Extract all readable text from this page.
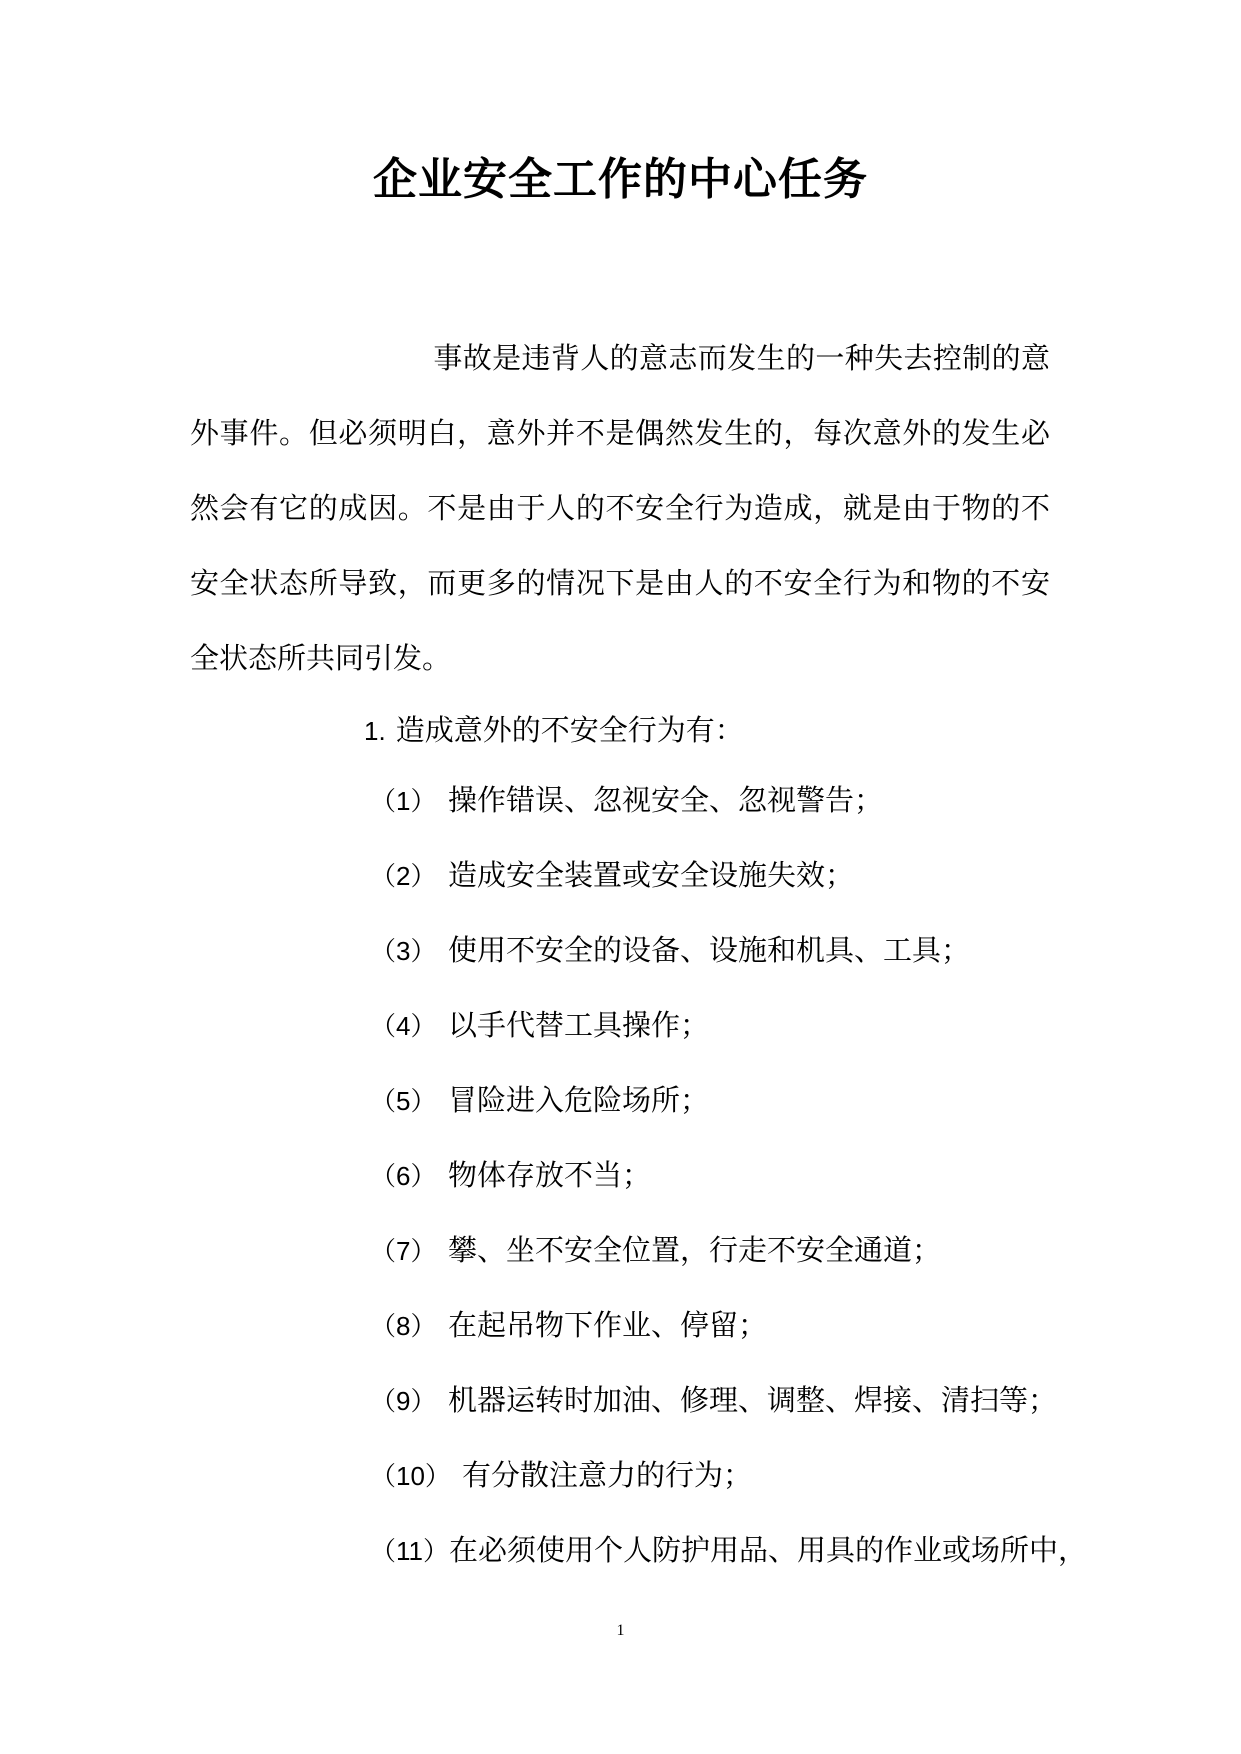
企业安全工作的中心任务
事故是违背人的意志而发生的一种失去控制的意外事件。但必须明白，意外并不是偶然发生的，每次意外的发生必然会有它的成因。不是由于人的不安全行为造成，就是由于物的不安全状态所导致，而更多的情况下是由人的不安全行为和物的不安全状态所共同引发。
1. 造成意外的不安全行为有：
（1） 操作错误、忽视安全、忽视警告；
（2） 造成安全装置或安全设施失效；
（3） 使用不安全的设备、设施和机具、工具；
（4） 以手代替工具操作；
（5） 冒险进入危险场所；
（6） 物体存放不当；
（7） 攀、坐不安全位置，行走不安全通道；
（8） 在起吊物下作业、停留；
（9） 机器运转时加油、修理、调整、焊接、清扫等；
（10） 有分散注意力的行为；
（11）在必须使用个人防护用品、用具的作业或场所中，
1
